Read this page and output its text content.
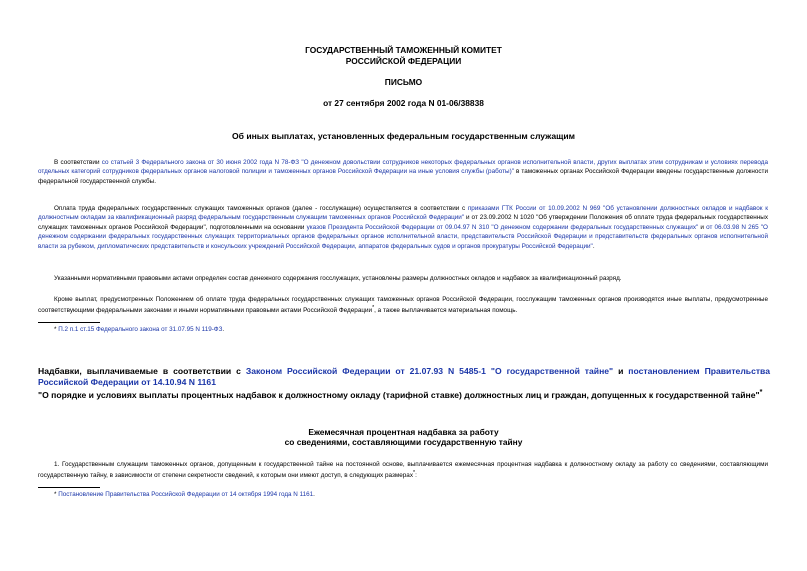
ГОСУДАРСТВЕННЫЙ ТАМОЖЕННЫЙ КОМИТЕТ
РОССИЙСКОЙ ФЕДЕРАЦИИ
ПИСЬМО
от 27 сентября 2002 года N 01-06/38838
Об иных выплатах, установленных федеральным государственным служащим
В соответствии со статьей 3 Федерального закона от 30 июня 2002 года N 78-ФЗ "О денежном довольствии сотрудников некоторых федеральных органов исполнительной власти, других выплатах этим сотрудникам и условиях перевода отдельных категорий сотрудников федеральных органов налоговой полиции и таможенных органов Российской Федерации на иные условия службы (работы)" в таможенных органах Российской Федерации введены государственные должности федеральной государственной службы.
Оплата труда федеральных государственных служащих таможенных органов (далее - госслужащие) осуществляется в соответствии с приказами ГТК России от 10.09.2002 N 969 "Об установлении должностных окладов и надбавок к должностным окладам за квалификационный разряд федеральным государственным служащим таможенных органов Российской Федерации" и от 23.09.2002 N 1020 "Об утверждении Положения об оплате труда федеральных государственных служащих таможенных органов Российской Федерации", подготовленными на основании указов Президента Российской Федерации от 09.04.97 N 310 "О денежном содержании федеральных государственных служащих" и от 06.03.98 N 265 "О денежном содержании федеральных государственных служащих территориальных органов федеральных органов исполнительной власти, представительств Российской Федерации и представительств федеральных органов исполнительной власти за рубежом, дипломатических представительств и консульских учреждений Российской Федерации, аппаратов федеральных судов и органов прокуратуры Российской Федерации".
Указанными нормативными правовыми актами определен состав денежного содержания госслужащих, установлены размеры должностных окладов и надбавок за квалификационный разряд.
Кроме выплат, предусмотренных Положением об оплате труда федеральных государственных служащих таможенных органов Российской Федерации, госслужащим таможенных органов производятся иные выплаты, предусмотренные соответствующими федеральными законами и иными нормативными правовыми актами Российской Федерации*, а также выплачивается материальная помощь.
* П.2 п.1 ст.15 Федерального закона от 31.07.95 N 119-ФЗ.
Надбавки, выплачиваемые в соответствии с Законом Российской Федерации от 21.07.93 N 5485-1 "О государственной тайне" и постановлением Правительства Российской Федерации от 14.10.94 N 1161
"О порядке и условиях выплаты процентных надбавок к должностному окладу (тарифной ставке) должностных лиц и граждан, допущенных к государственной тайне"*
Ежемесячная процентная надбавка за работу
со сведениями, составляющими государственную тайну
1. Государственным служащим таможенных органов, допущенным к государственной тайне на постоянной основе, выплачивается ежемесячная процентная надбавка к должностному окладу за работу со сведениями, составляющими государственную тайну, в зависимости от степени секретности сведений, к которым они имеют доступ, в следующих размерах*:
* Постановление Правительства Российской Федерации от 14 октября 1994 года N 1161.
